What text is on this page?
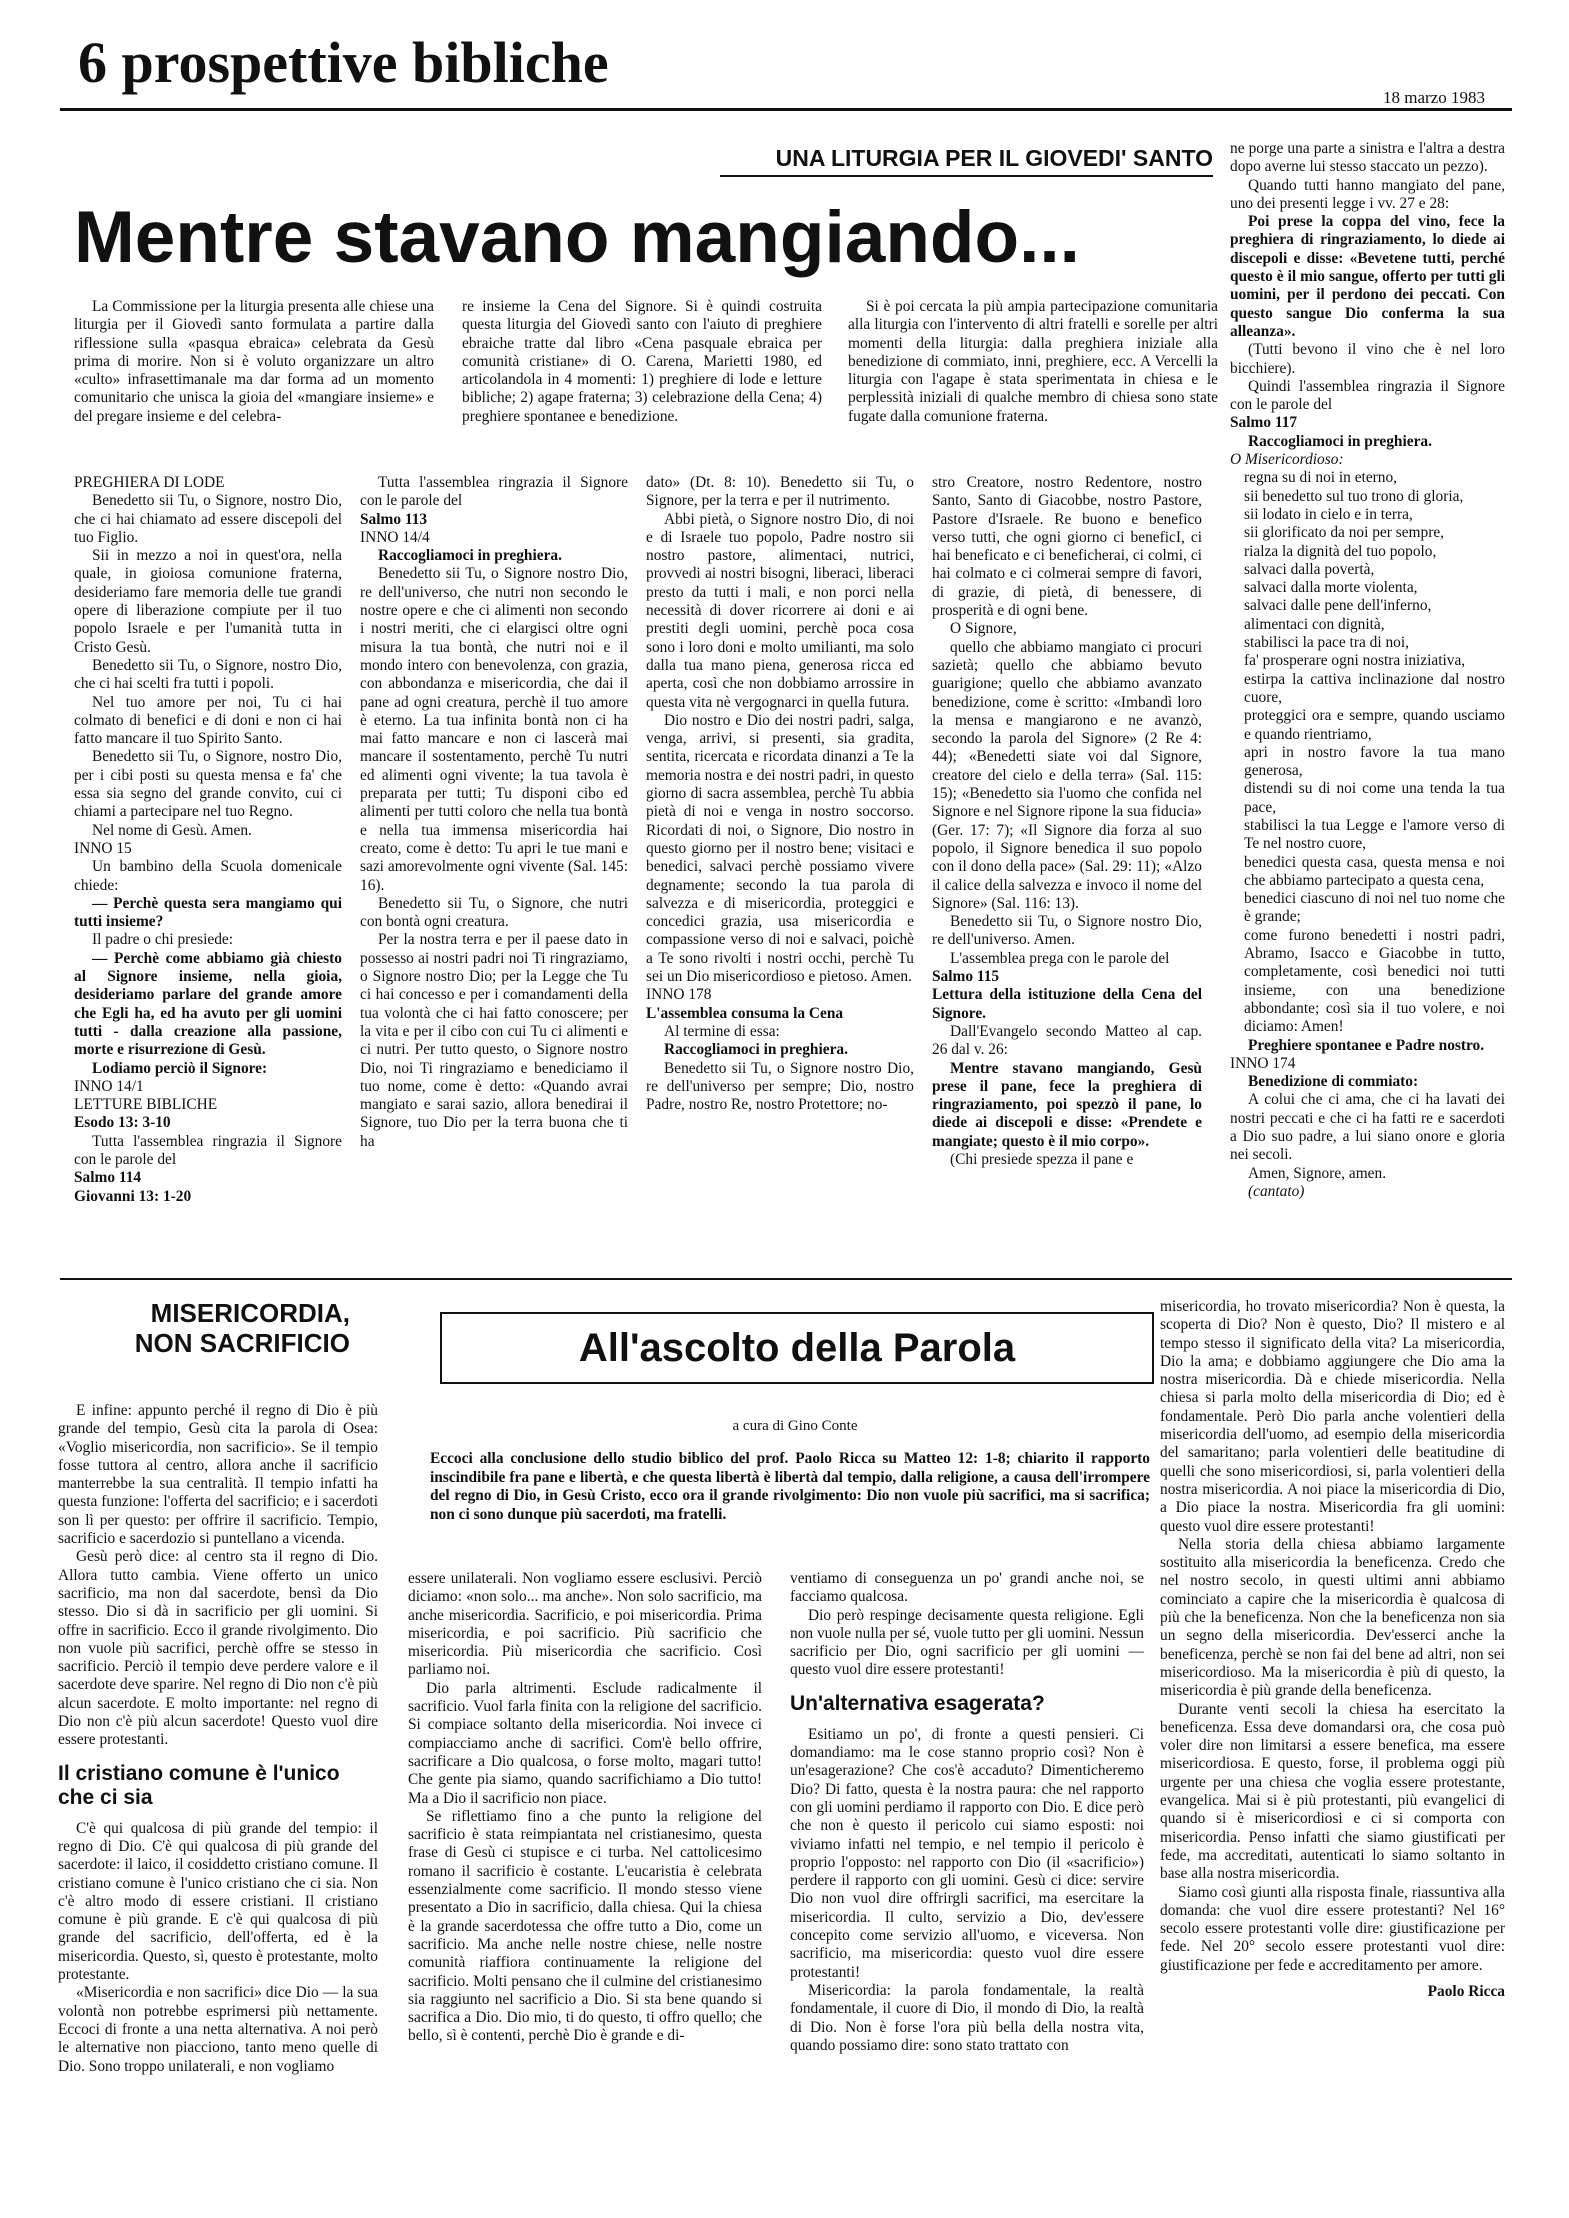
6 prospettive bibliche
18 marzo 1983
UNA LITURGIA PER IL GIOVEDI' SANTO
Mentre stavano mangiando...

La Commissione per la liturgia presenta alle chiese una liturgia per il Giovedì santo formulata a partire dalla riflessione sulla «pasqua ebraica» celebrata da Gesù prima di morire. Non si è voluto organizzare un altro «culto» infrasettimanale ma dar forma ad un momento comunitario che unisca la gioia del «mangiare insieme» e del pregare insieme e del celebra-

re insieme la Cena del Signore. Si è quindi costruita questa liturgia del Giovedì santo con l'aiuto di preghiere ebraiche tratte dal libro «Cena pasquale ebraica per comunità cristiane» di O. Carena, Marietti 1980, ed articolandola in 4 momenti: 1) preghiere di lode e letture bibliche; 2) agape fraterna; 3) celebrazione della Cena; 4) preghiere spontanee e benedizione.

Si è poi cercata la più ampia partecipazione comunitaria alla liturgia con l'intervento di altri fratelli e sorelle per altri momenti della liturgia: dalla preghiera iniziale alla benedizione di commiato, inni, preghiere, ecc. A Vercelli la liturgia con l'agape è stata sperimentata in chiesa e le perplessità iniziali di qualche membro di chiesa sono state fugate dalla comunione fraterna.

PREGHIERA DI LODE

Benedetto sii Tu, o Signore, nostro Dio, che ci hai chiamato ad essere discepoli del tuo Figlio.

Sii in mezzo a noi in quest'ora, nella quale, in gioiosa comunione fraterna, desideriamo fare memoria delle tue grandi opere di liberazione compiute per il tuo popolo Israele e per l'umanità tutta in Cristo Gesù.

Benedetto sii Tu, o Signore, nostro Dio, che ci hai scelti fra tutti i popoli.

Nel tuo amore per noi, Tu ci hai colmato di benefici e di doni e non ci hai fatto mancare il tuo Spirito Santo.

Benedetto sii Tu, o Signore, nostro Dio, per i cibi posti su questa mensa e fa' che essa sia segno del grande convito, cui ci chiami a partecipare nel tuo Regno.

Nel nome di Gesù. Amen.

INNO 15

Un bambino della Scuola domenicale chiede:

— Perchè questa sera mangiamo qui tutti insieme?

Il padre o chi presiede:

— Perchè come abbiamo già chiesto al Signore insieme, nella gioia, desideriamo parlare del grande amore che Egli ha, ed ha avuto per gli uomini tutti - dalla creazione alla passione, morte e risurrezione di Gesù.

Lodiamo perciò il Signore:

INNO 14/1

LETTURE BIBLICHE

Esodo 13: 3-10

Tutta l'assemblea ringrazia il Signore con le parole del

Salmo 114

Giovanni 13: 1-20

Tutta l'assemblea ringrazia il Signore con le parole del

Salmo 113

INNO 14/4

Raccogliamoci in preghiera.

Benedetto sii Tu, o Signore nostro Dio, re dell'universo, che nutri non secondo le nostre opere e che ci alimenti non secondo i nostri meriti, che ci elargisci oltre ogni misura la tua bontà, che nutri noi e il mondo intero con benevolenza, con grazia, con abbondanza e misericordia, che dai il pane ad ogni creatura, perchè il tuo amore è eterno. La tua infinita bontà non ci ha mai fatto mancare e non ci lascerà mai mancare il sostentamento, perchè Tu nutri ed alimenti ogni vivente; la tua tavola è preparata per tutti; Tu disponi cibo ed alimenti per tutti coloro che nella tua bontà e nella tua immensa misericordia hai creato, come è detto: Tu apri le tue mani e sazi amorevolmente ogni vivente (Sal. 145: 16).

Benedetto sii Tu, o Signore, che nutri con bontà ogni creatura.

Per la nostra terra e per il paese dato in possesso ai nostri padri noi Ti ringraziamo, o Signore nostro Dio; per la Legge che Tu ci hai concesso e per i comandamenti della tua volontà che ci hai fatto conoscere; per la vita e per il cibo con cui Tu ci alimenti e ci nutri. Per tutto questo, o Signore nostro Dio, noi Ti ringraziamo e benediciamo il tuo nome, come è detto: «Quando avrai mangiato e sarai sazio, allora benedirai il Signore, tuo Dio per la terra buona che ti ha

dato» (Dt. 8: 10). Benedetto sii Tu, o Signore, per la terra e per il nutrimento.

Abbi pietà, o Signore nostro Dio, di noi e di Israele tuo popolo, Padre nostro sii nostro pastore, alimentaci, nutrici, provvedi ai nostri bisogni, liberaci, liberaci presto da tutti i mali, e non porci nella necessità di dover ricorrere ai doni e ai prestiti degli uomini, perchè poca cosa sono i loro doni e molto umilianti, ma solo dalla tua mano piena, generosa ricca ed aperta, così che non dobbiamo arrossire in questa vita nè vergognarci in quella futura.

Dio nostro e Dio dei nostri padri, salga, venga, arrivi, si presenti, sia gradita, sentita, ricercata e ricordata dinanzi a Te la memoria nostra e dei nostri padri, in questo giorno di sacra assemblea, perchè Tu abbia pietà di noi e venga in nostro soccorso. Ricordati di noi, o Signore, Dio nostro in questo giorno per il nostro bene; visitaci e benedici, salvaci perchè possiamo vivere degnamente; secondo la tua parola di salvezza e di misericordia, proteggici e concedici grazia, usa misericordia e compassione verso di noi e salvaci, poichè a Te sono rivolti i nostri occhi, perchè Tu sei un Dio misericordioso e pietoso. Amen.

INNO 178

L'assemblea consuma la Cena

Al termine di essa:

Raccogliamoci in preghiera.

Benedetto sii Tu, o Signore nostro Dio, re dell'universo per sempre; Dio, nostro Padre, nostro Re, nostro Protettore; no-

stro Creatore, nostro Redentore, nostro Santo, Santo di Giacobbe, nostro Pastore, Pastore d'Israele. Re buono e benefico verso tutti, che ogni giorno ci beneficI, ci hai beneficato e ci beneficherai, ci colmi, ci hai colmato e ci colmerai sempre di favori, di grazie, di pietà, di benessere, di prosperità e di ogni bene.

O Signore,

quello che abbiamo mangiato ci procuri sazietà; quello che abbiamo bevuto guarigione; quello che abbiamo avanzato benedizione, come è scritto: «Imbandì loro la mensa e mangiarono e ne avanzò, secondo la parola del Signore» (2 Re 4: 44); «Benedetti siate voi dal Signore, creatore del cielo e della terra» (Sal. 115: 15); «Benedetto sia l'uomo che confida nel Signore e nel Signore ripone la sua fiducia» (Ger. 17: 7); «Il Signore dia forza al suo popolo, il Signore benedica il suo popolo con il dono della pace» (Sal. 29: 11); «Alzo il calice della salvezza e invoco il nome del Signore» (Sal. 116: 13).

Benedetto sii Tu, o Signore nostro Dio, re dell'universo. Amen.

L'assemblea prega con le parole del

Salmo 115

Lettura della istituzione della Cena del Signore.

Dall'Evangelo secondo Matteo al cap. 26 dal v. 26:

Mentre stavano mangiando, Gesù prese il pane, fece la preghiera di ringraziamento, poi spezzò il pane, lo diede ai discepoli e disse: «Prendete e mangiate; questo è il mio corpo».

(Chi presiede spezza il pane e

ne porge una parte a sinistra e l'altra a destra dopo averne lui stesso staccato un pezzo).

Quando tutti hanno mangiato del pane, uno dei presenti legge i vv. 27 e 28:

Poi prese la coppa del vino, fece la preghiera di ringraziamento, lo diede ai discepoli e disse: «Bevetene tutti, perché questo è il mio sangue, offerto per tutti gli uomini, per il perdono dei peccati. Con questo sangue Dio conferma la sua alleanza».

(Tutti bevono il vino che è nel loro bicchiere).

Quindi l'assemblea ringrazia il Signore con le parole del

Salmo 117

Raccogliamoci in preghiera.

O Misericordioso:

regna su di noi in eterno,

sii benedetto sul tuo trono di gloria,

sii lodato in cielo e in terra,

sii glorificato da noi per sempre,

rialza la dignità del tuo popolo,

salvaci dalla povertà,

salvaci dalla morte violenta,

salvaci dalle pene dell'inferno,

alimentaci con dignità,

stabilisci la pace tra di noi,

fa' prosperare ogni nostra iniziativa,

estirpa la cattiva inclinazione dal nostro cuore,

proteggici ora e sempre, quando usciamo e quando rientriamo,

apri in nostro favore la tua mano generosa,

distendi su di noi come una tenda la tua pace,

stabilisci la tua Legge e l'amore verso di Te nel nostro cuore,

benedici questa casa, questa mensa e noi che abbiamo partecipato a questa cena,

benedici ciascuno di noi nel tuo nome che è grande;

come furono benedetti i nostri padri, Abramo, Isacco e Giacobbe in tutto, completamente, così benedici noi tutti insieme, con una benedizione abbondante; così sia il tuo volere, e noi diciamo: Amen!

Preghiere spontanee e Padre nostro.

INNO 174

Benedizione di commiato:

A colui che ci ama, che ci ha lavati dei nostri peccati e che ci ha fatti re e sacerdoti a Dio suo padre, a lui siano onore e gloria nei secoli.

Amen, Signore, amen.

(cantato)

MISERICORDIA,
NON SACRIFICIO	All'ascolto della Parola
a cura di Gino Conte
Eccoci alla conclusione dello studio biblico del prof. Paolo Ricca su Matteo 12: 1-8; chiarito il rapporto inscindibile fra pane e libertà, e che questa libertà è libertà dal tempio, dalla religione, a causa dell'irrompere del regno di Dio, in Gesù Cristo, ecco ora il grande rivolgimento: Dio non vuole più sacrifici, ma si sacrifica; non ci sono dunque più sacerdoti, ma fratelli.

E infine: appunto perché il regno di Dio è più grande del tempio, Gesù cita la parola di Osea: «Voglio misericordia, non sacrificio». Se il tempio fosse tuttora al centro, allora anche il sacrificio manterrebbe la sua centralità. Il tempio infatti ha questa funzione: l'offerta del sacrificio; e i sacerdoti son lì per questo: per offrire il sacrificio. Tempio, sacrificio e sacerdozio si puntellano a vicenda.

Gesù però dice: al centro sta il regno di Dio. Allora tutto cambia. Viene offerto un unico sacrificio, ma non dal sacerdote, bensì da Dio stesso. Dio si dà in sacrificio per gli uomini. Si offre in sacrificio. Ecco il grande rivolgimento. Dio non vuole più sacrifici, perchè offre se stesso in sacrificio. Perciò il tempio deve perdere valore e il sacerdote deve sparire. Nel regno di Dio non c'è più alcun sacerdote. E molto importante: nel regno di Dio non c'è più alcun sacerdote! Questo vuol dire essere protestanti.

Il cristiano comune è l'unico che ci sia

C'è qui qualcosa di più grande del tempio: il regno di Dio. C'è qui qualcosa di più grande del sacerdote: il laico, il cosiddetto cristiano comune. Il cristiano comune è l'unico cristiano che ci sia. Non c'è altro modo di essere cristiani. Il cristiano comune è più grande. E c'è qui qualcosa di più grande del sacrificio, dell'offerta, ed è la misericordia. Questo, sì, questo è protestante, molto protestante.

«Misericordia e non sacrifici» dice Dio — la sua volontà non potrebbe esprimersi più nettamente. Eccoci di fronte a una netta alternativa. A noi però le alternative non piacciono, tanto meno quelle di Dio. Sono troppo unilaterali, e non vogliamo

essere unilaterali. Non vogliamo essere esclusivi. Perciò diciamo: «non solo... ma anche». Non solo sacrificio, ma anche misericordia. Sacrificio, e poi misericordia. Prima misericordia, e poi sacrificio. Più sacrificio che misericordia. Più misericordia che sacrificio. Così parliamo noi.

Dio parla altrimenti. Esclude radicalmente il sacrificio. Vuol farla finita con la religione del sacrificio. Si compiace soltanto della misericordia. Noi invece ci compiacciamo anche di sacrifici. Com'è bello offrire, sacrificare a Dio qualcosa, o forse molto, magari tutto! Che gente pia siamo, quando sacrifichiamo a Dio tutto! Ma a Dio il sacrificio non piace.

Se riflettiamo fino a che punto la religione del sacrificio è stata reimpiantata nel cristianesimo, questa frase di Gesù ci stupisce e ci turba. Nel cattolicesimo romano il sacrificio è costante. L'eucaristia è celebrata essenzialmente come sacrificio. Il mondo stesso viene presentato a Dio in sacrificio, dalla chiesa. Qui la chiesa è la grande sacerdotessa che offre tutto a Dio, come un sacrificio. Ma anche nelle nostre chiese, nelle nostre comunità riaffiora continuamente la religione del sacrificio. Molti pensano che il culmine del cristianesimo sia raggiunto nel sacrificio a Dio. Si sta bene quando si sacrifica a Dio. Dio mio, ti do questo, ti offro quello; che bello, sì è contenti, perchè Dio è grande e di-

ventiamo di conseguenza un po' grandi anche noi, se facciamo qualcosa.

Dio però respinge decisamente questa religione. Egli non vuole nulla per sé, vuole tutto per gli uomini. Nessun sacrificio per Dio, ogni sacrificio per gli uomini — questo vuol dire essere protestanti!

Un'alternativa esagerata?

Esitiamo un po', di fronte a questi pensieri. Ci domandiamo: ma le cose stanno proprio così? Non è un'esagerazione? Che cos'è accaduto? Dimenticheremo Dio? Di fatto, questa è la nostra paura: che nel rapporto con gli uomini perdiamo il rapporto con Dio. E dice però che non è questo il pericolo cui siamo esposti: noi viviamo infatti nel tempio, e nel tempio il pericolo è proprio l'opposto: nel rapporto con Dio (il «sacrificio») perdere il rapporto con gli uomini. Gesù ci dice: servire Dio non vuol dire offrirgli sacrifici, ma esercitare la misericordia. Il culto, servizio a Dio, dev'essere concepito come servizio all'uomo, e viceversa. Non sacrificio, ma misericordia: questo vuol dire essere protestanti!

Misericordia: la parola fondamentale, la realtà fondamentale, il cuore di Dio, il mondo di Dio, la realtà di Dio. Non è forse l'ora più bella della nostra vita, quando possiamo dire: sono stato trattato con

misericordia, ho trovato misericordia? Non è questa, la scoperta di Dio? Non è questo, Dio? Il mistero e al tempo stesso il significato della vita? La misericordia, Dio la ama; e dobbiamo aggiungere che Dio ama la nostra misericordia. Dà e chiede misericordia. Nella chiesa si parla molto della misericordia di Dio; ed è fondamentale. Però Dio parla anche volentieri della misericordia dell'uomo, ad esempio della misericordia del samaritano; parla volentieri delle beatitudine di quelli che sono misericordiosi, si, parla volentieri della nostra misericordia. A noi piace la misericordia di Dio, a Dio piace la nostra. Misericordia fra gli uomini: questo vuol dire essere protestanti!

Nella storia della chiesa abbiamo largamente sostituito alla misericordia la beneficenza. Credo che nel nostro secolo, in questi ultimi anni abbiamo cominciato a capire che la misericordia è qualcosa di più che la beneficenza. Non che la beneficenza non sia un segno della misericordia. Dev'esserci anche la beneficenza, perchè se non fai del bene ad altri, non sei misericordioso. Ma la misericordia è più di questo, la misericordia è più grande della beneficenza.

Durante venti secoli la chiesa ha esercitato la beneficenza. Essa deve domandarsi ora, che cosa può voler dire non limitarsi a essere benefica, ma essere misericordiosa. E questo, forse, il problema oggi più urgente per una chiesa che voglia essere protestante, evangelica. Mai si è più protestanti, più evangelici di quando si è misericordiosi e ci si comporta con misericordia. Penso infatti che siamo giustificati per fede, ma accreditati, autenticati lo siamo soltanto in base alla nostra misericordia.

Siamo così giunti alla risposta finale, riassuntiva alla domanda: che vuol dire essere protestanti? Nel 16° secolo essere protestanti volle dire: giustificazione per fede. Nel 20° secolo essere protestanti vuol dire: giustificazione per fede e accreditamento per amore.

Paolo Ricca
